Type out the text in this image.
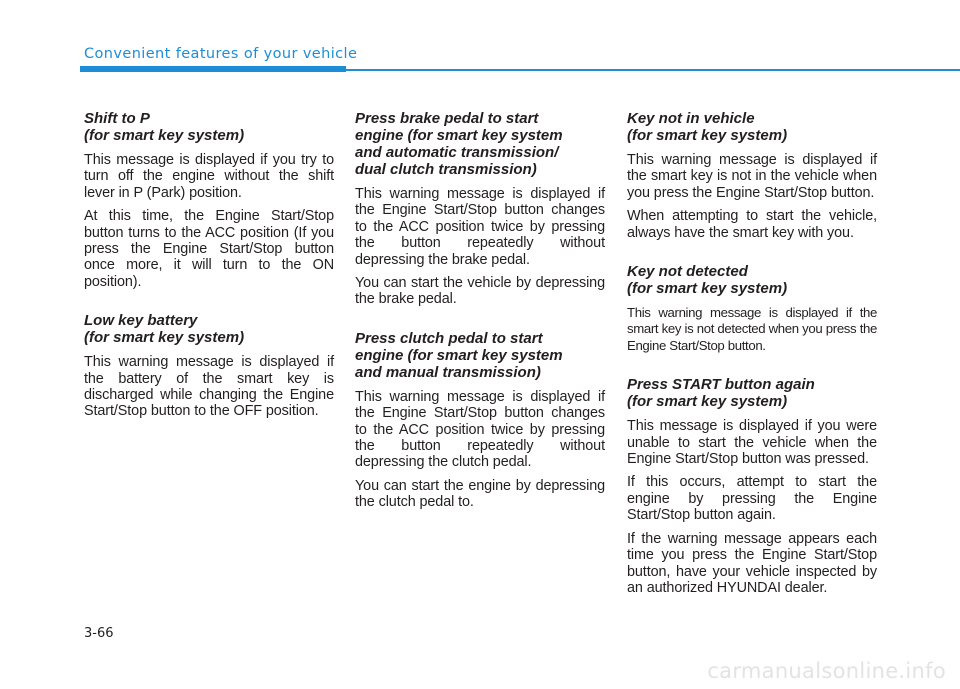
Convenient features of your vehicle
Shift to P
(for smart key system)

This message is displayed if you try to turn off the engine without the shift lever in P (Park) position.

At this time, the Engine Start/Stop button turns to the ACC position (If you press the Engine Start/Stop button once more, it will turn to the ON position).

Low key battery
(for smart key system)

This warning message is displayed if the battery of the smart key is discharged while changing the Engine Start/Stop button to the OFF position.

Press brake pedal to start
engine (for smart key system
and automatic transmission/
dual clutch transmission)

This warning message is displayed if the Engine Start/Stop button changes to the ACC position twice by pressing the button repeatedly without depressing the brake pedal.

You can start the vehicle by depressing the brake pedal.

Press clutch pedal to start
engine (for smart key system
and manual transmission)

This warning message is displayed if the Engine Start/Stop button changes to the ACC position twice by pressing the button repeatedly without depressing the clutch pedal.

You can start the engine by depressing the clutch pedal to.

Key not in vehicle
(for smart key system)

This warning message is displayed if the smart key is not in the vehicle when you press the Engine Start/Stop button.

When attempting to start the vehicle, always have the smart key with you.

Key not detected
(for smart key system)

This warning message is displayed if the smart key is not detected when you press the Engine Start/Stop button.

Press START button again
(for smart key system)

This message is displayed if you were unable to start the vehicle when the Engine Start/Stop button was pressed.

If this occurs, attempt to start the engine by pressing the Engine Start/Stop button again.

If the warning message appears each time you press the Engine Start/Stop button, have your vehicle inspected by an authorized HYUNDAI dealer.

3-66
carmanualsonline.info
